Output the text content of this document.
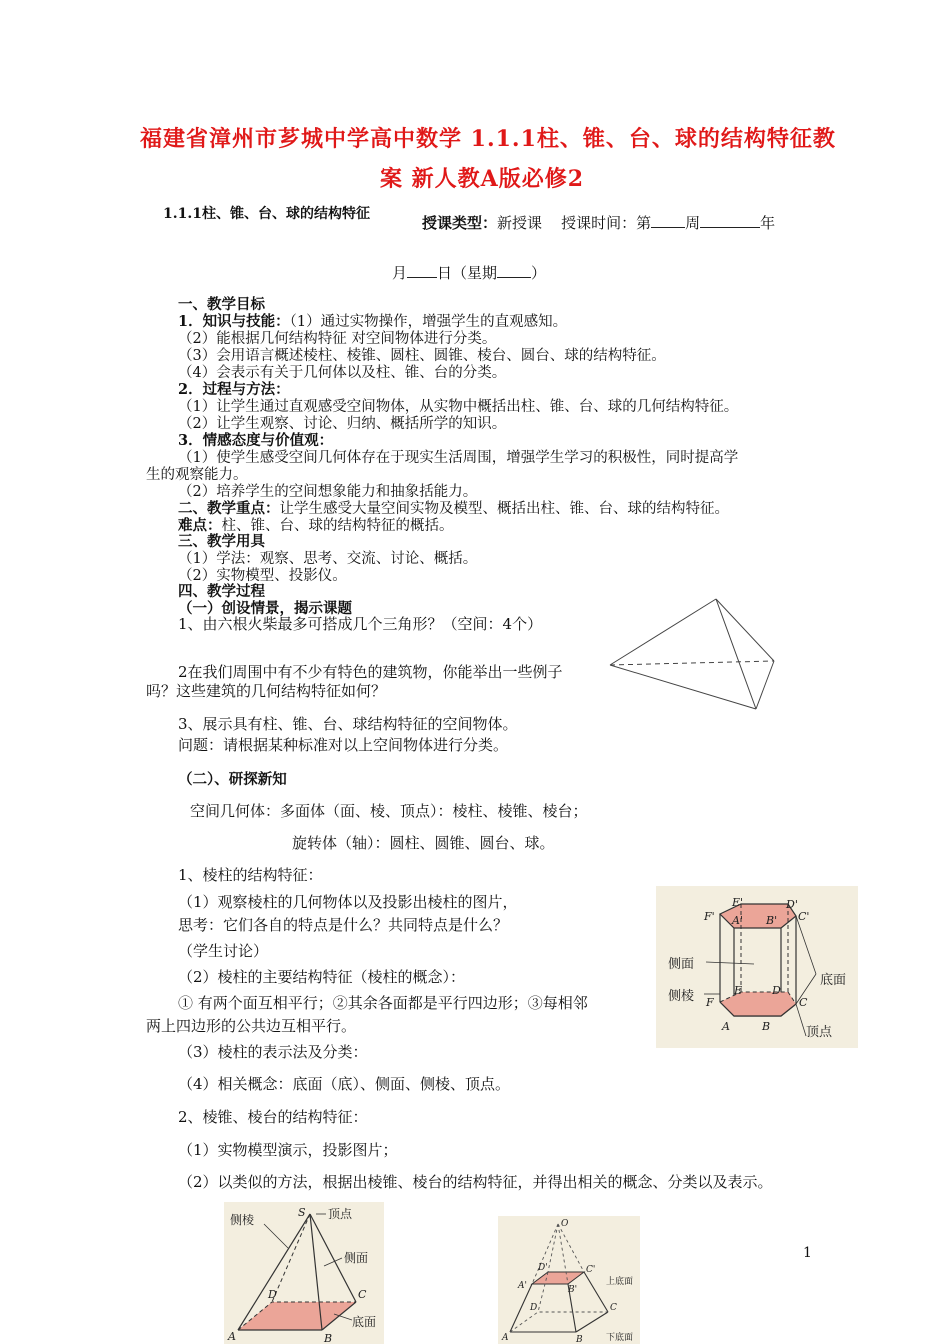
福建省漳州市芗城中学高中数学 1.1.1柱、锥、台、球的结构特征教
案 新人教A版必修2
1.1.1柱、锥、台、球的结构特征	授课类型：新授课 授课时间：第 周	年
月 日（星期 ）
一、教学目标
1．知识与技能：（1）通过实物操作，增强学生的直观感知。
（2）能根据几何结构特征 对空间物体进行分类。
（3）会用语言概述棱柱、棱锥、圆柱、圆锥、棱台、圆台、球的结构特征。
（4）会表示有关于几何体以及柱、锥、台的分类。
2．过程与方法：
（1）让学生通过直观感受空间物体，从实物中概括出柱、锥、台、球的几何结构特征。
（2）让学生观察、讨论、归纳、概括所学的知识。
3．情感态度与价值观：
（1）使学生感受空间几何体存在于现实生活周围，增强学生学习的积极性，同时提高学
生的观察能力。
（2）培养学生的空间想象能力和抽象括能力。
二、教学重点：让学生感受大量空间实物及模型、概括出柱、锥、台、球的结构特征。
难点：柱、锥、台、球的结构特征的概括。
三、教学用具
（1）学法：观察、思考、交流、讨论、概括。
（2）实物模型、投影仪。
四、教学过程
（一）创设情景，揭示课题
1、由六根火柴最多可搭成几个三角形？（空间：4个）
2在我们周围中有不少有特色的建筑物，你能举出一些例子
吗？这些建筑的几何结构特征如何？
3、展示具有柱、锥、台、球结构特征的空间物体。
问题：请根据某种标准对以上空间物体进行分类。
（二）、研探新知
空间几何体：多面体（面、棱、顶点）：棱柱、棱锥、棱台；
旋转体（轴）：圆柱、圆锥、圆台、球。
1、棱柱的结构特征：
（1）观察棱柱的几何物体以及投影出棱柱的图片，
思考：它们各自的特点是什么？共同特点是什么？
（学生讨论）
（2）棱柱的主要结构特征（棱柱的概念）：
① 有两个面互相平行；②其余各面都是平行四边形；③每相邻
两上四边形的公共边互相平行。
（3）棱柱的表示法及分类：
（4）相关概念：底面（底）、侧面、侧棱、顶点。
2、棱锥、棱台的结构特征：
（1）实物模型演示，投影图片；
（2）以类似的方法，根据出棱锥、棱台的结构特征，并得出相关的概念、分类以及表示。
1
侧面
侧棱
底面
顶点
F'
E'	D'
C'
A' B'
F
E	D
C
A	B
顶点
侧棱
侧面
底面
S
A	B
C
D
上底面
下底面
O
A'	B'
C'
D'
A	B
C
D
